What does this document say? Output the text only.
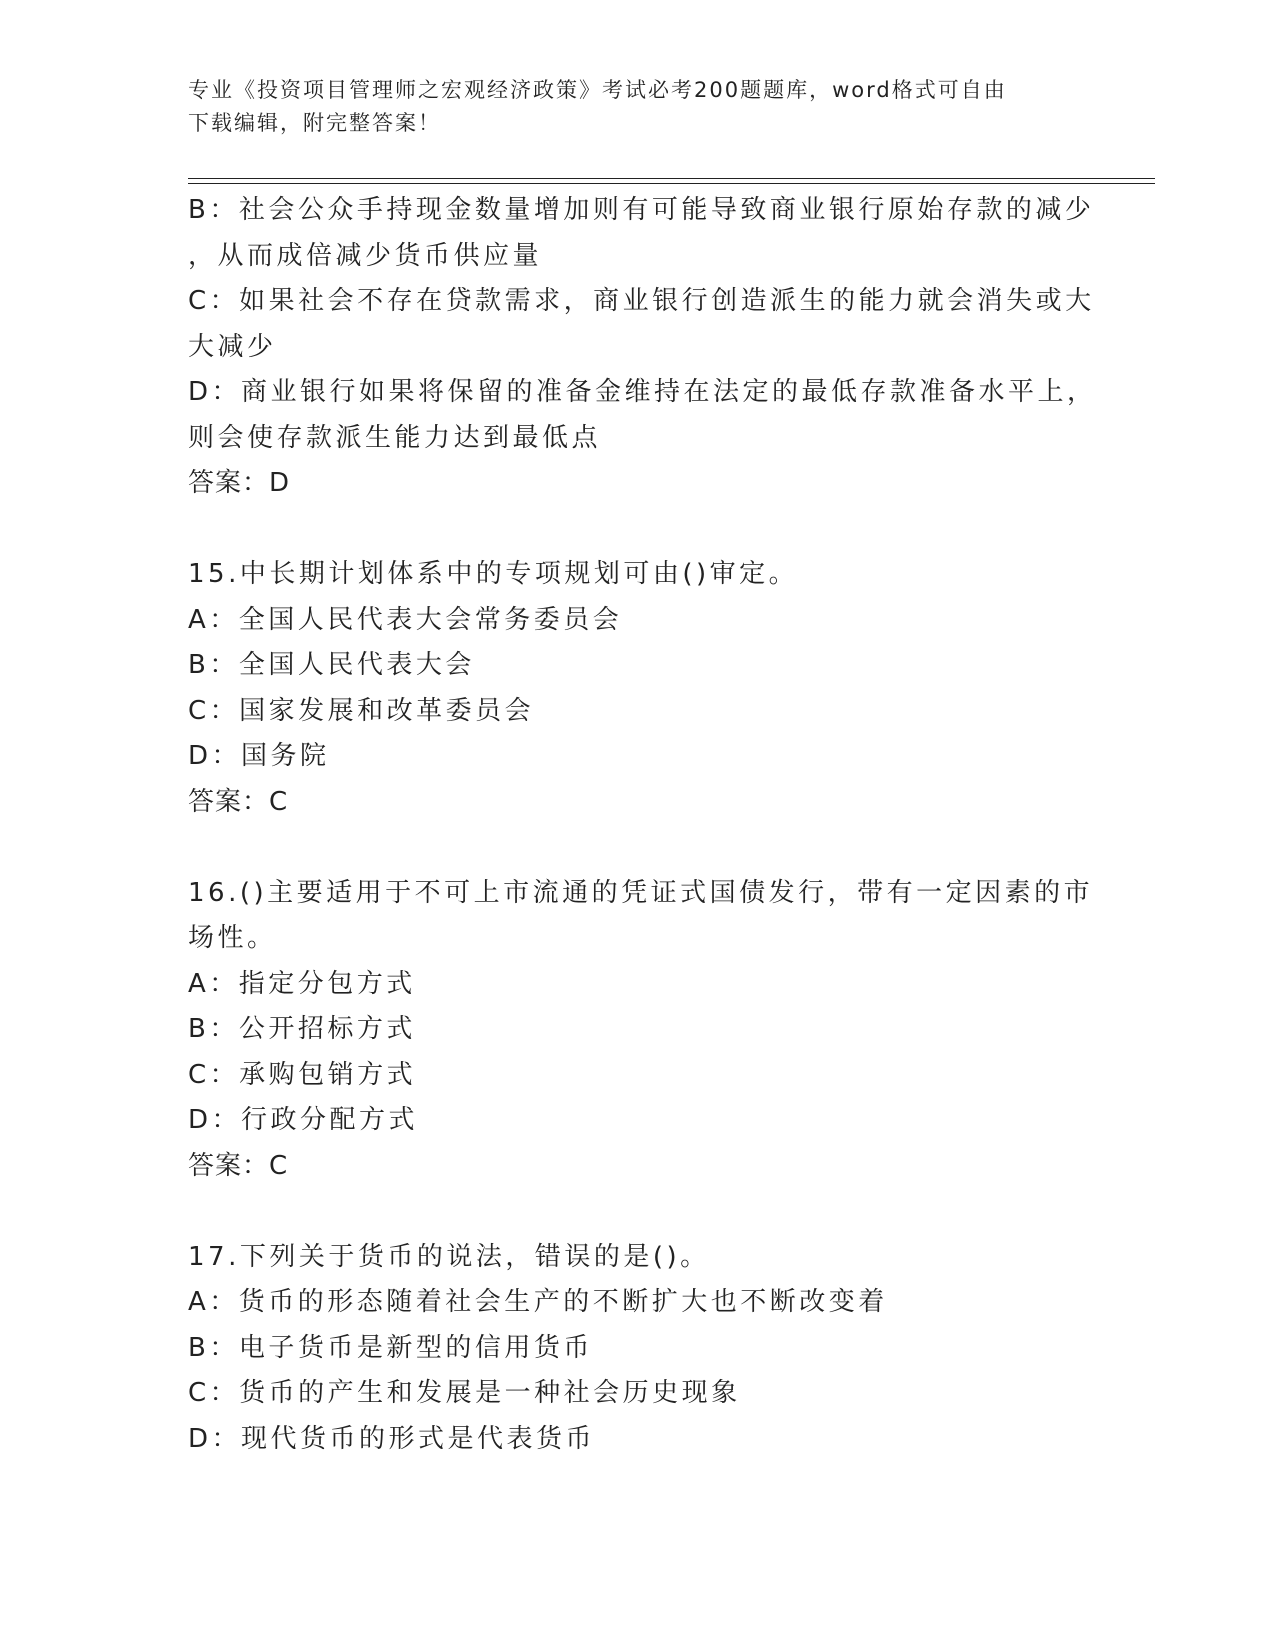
专业《投资项目管理师之宏观经济政策》考试必考200题题库，word格式可自由
下载编辑，附完整答案！
B：社会公众手持现金数量增加则有可能导致商业银行原始存款的减少
，从而成倍减少货币供应量
C：如果社会不存在贷款需求，商业银行创造派生的能力就会消失或大
大减少
D：商业银行如果将保留的准备金维持在法定的最低存款准备水平上，
则会使存款派生能力达到最低点
答案：D
15.中长期计划体系中的专项规划可由()审定。
A：全国人民代表大会常务委员会
B：全国人民代表大会
C：国家发展和改革委员会
D：国务院
答案：C
16.()主要适用于不可上市流通的凭证式国债发行，带有一定因素的市
场性。
A：指定分包方式
B：公开招标方式
C：承购包销方式
D：行政分配方式
答案：C
17.下列关于货币的说法，错误的是()。
A：货币的形态随着社会生产的不断扩大也不断改变着
B：电子货币是新型的信用货币
C：货币的产生和发展是一种社会历史现象
D：现代货币的形式是代表货币
